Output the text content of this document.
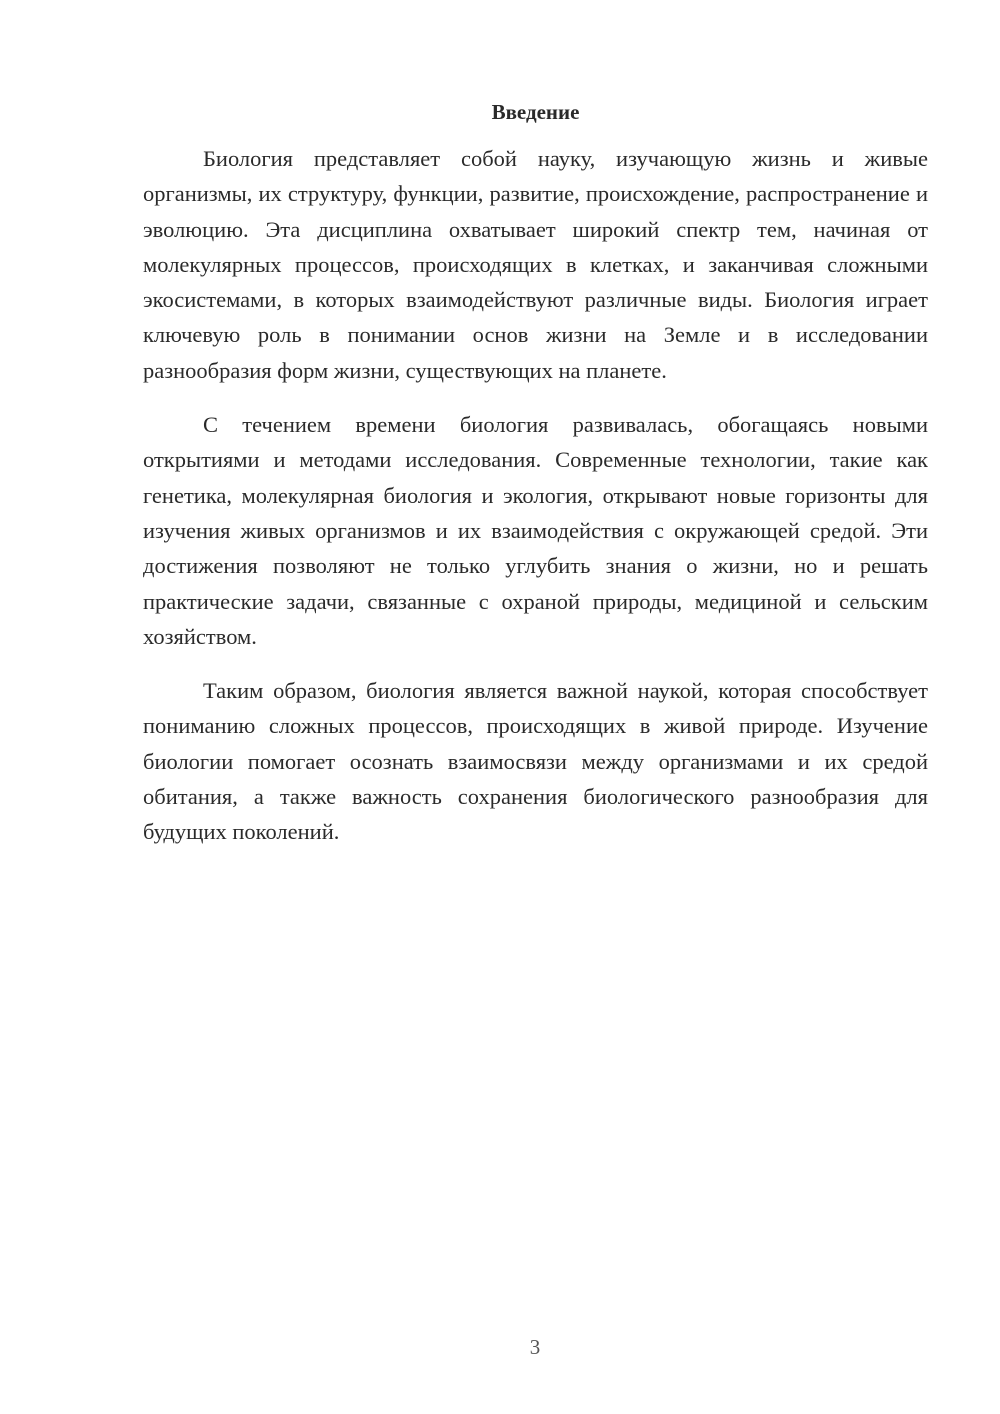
Введение

Биология представляет собой науку, изучающую жизнь и живые организмы, их структуру, функции, развитие, происхождение, распространение и эволюцию. Эта дисциплина охватывает широкий спектр тем, начиная от молекулярных процессов, происходящих в клетках, и заканчивая сложными экосистемами, в которых взаимодействуют различные виды. Биология играет ключевую роль в понимании основ жизни на Земле и в исследовании разнообразия форм жизни, существующих на планете.

С течением времени биология развивалась, обогащаясь новыми открытиями и методами исследования. Современные технологии, такие как генетика, молекулярная биология и экология, открывают новые горизонты для изучения живых организмов и их взаимодействия с окружающей средой. Эти достижения позволяют не только углубить знания о жизни, но и решать практические задачи, связанные с охраной природы, медициной и сельским хозяйством.

Таким образом, биология является важной наукой, которая способствует пониманию сложных процессов, происходящих в живой природе. Изучение биологии помогает осознать взаимосвязи между организмами и их средой обитания, а также важность сохранения биологического разнообразия для будущих поколений.

3
